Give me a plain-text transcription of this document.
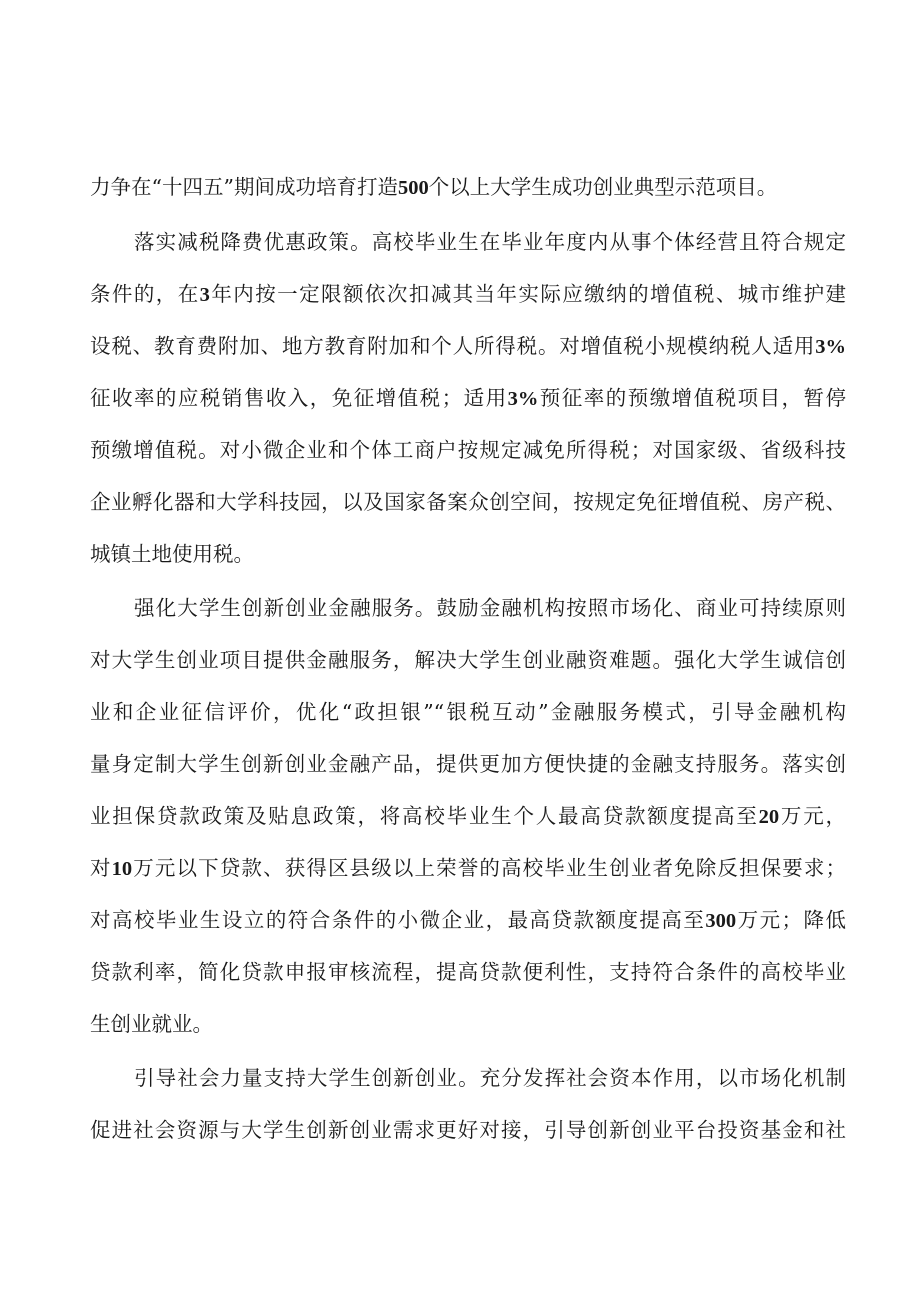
力争在“十四五”期间成功培育打造500个以上大学生成功创业典型示范项目。
落实减税降费优惠政策。高校毕业生在毕业年度内从事个体经营且符合规定
条件的，在3年内按一定限额依次扣减其当年实际应缴纳的增值税、城市维护建
设税、教育费附加、地方教育附加和个人所得税。对增值税小规模纳税人适用3%
征收率的应税销售收入，免征增值税；适用3%预征率的预缴增值税项目，暂停
预缴增值税。对小微企业和个体工商户按规定减免所得税；对国家级、省级科技
企业孵化器和大学科技园，以及国家备案众创空间，按规定免征增值税、房产税、
城镇土地使用税。
强化大学生创新创业金融服务。鼓励金融机构按照市场化、商业可持续原则
对大学生创业项目提供金融服务，解决大学生创业融资难题。强化大学生诚信创
业和企业征信评价，优化“政担银”“银税互动”金融服务模式，引导金融机构
量身定制大学生创新创业金融产品，提供更加方便快捷的金融支持服务。落实创
业担保贷款政策及贴息政策，将高校毕业生个人最高贷款额度提高至20万元，
对10万元以下贷款、获得区县级以上荣誉的高校毕业生创业者免除反担保要求；
对高校毕业生设立的符合条件的小微企业，最高贷款额度提高至300万元；降低
贷款利率，简化贷款申报审核流程，提高贷款便利性，支持符合条件的高校毕业
生创业就业。
引导社会力量支持大学生创新创业。充分发挥社会资本作用，以市场化机制
促进社会资源与大学生创新创业需求更好对接，引导创新创业平台投资基金和社
